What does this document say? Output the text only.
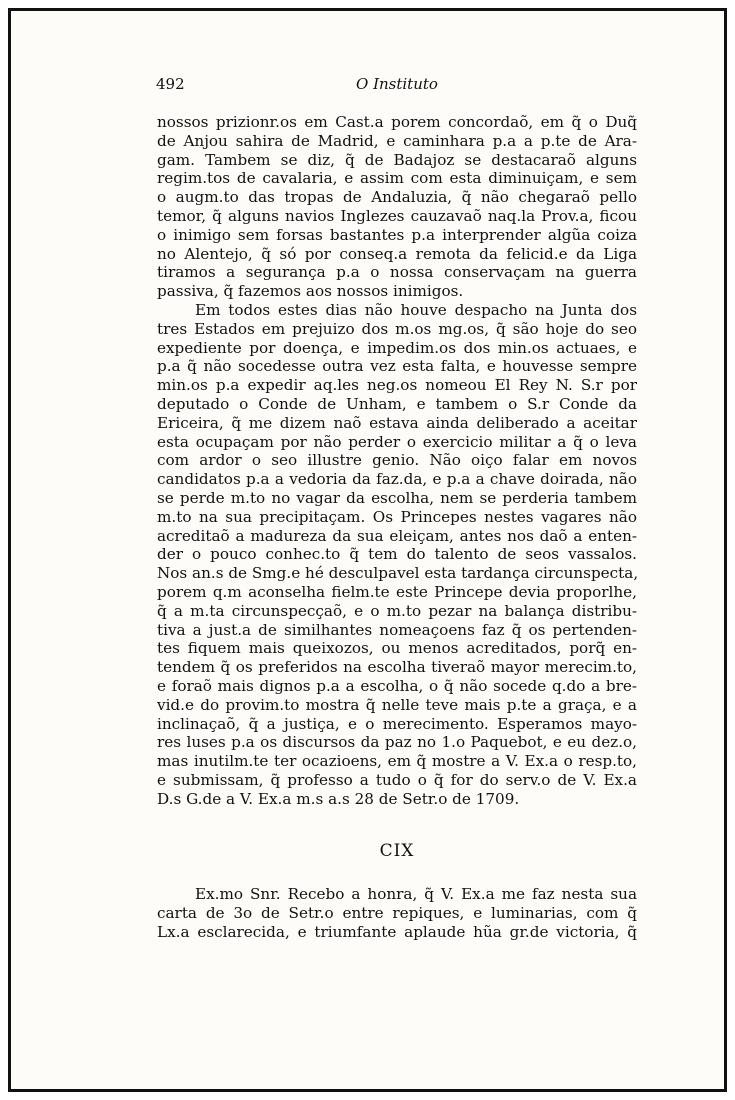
492	O Instituto
nossos prizionr.os em Cast.a porem concordaõ, em q̃ o Duq̃
de Anjou sahira de Madrid, e caminhara p.a a p.te de Ara-
gam. Tambem se diz, q̃ de Badajoz se destacaraõ alguns
regim.tos de cavalaria, e assim com esta diminuiçam, e sem
o augm.to das tropas de Andaluzia, q̃ não chegaraõ pello
temor, q̃ alguns navios Inglezes cauzavaõ naq.la Prov.a, ficou
o inimigo sem forsas bastantes p.a interprender algũa coiza
no Alentejo, q̃ só por conseq.a remota da felicid.e da Liga
tiramos a segurança p.a o nossa conservaçam na guerra
passiva, q̃ fazemos aos nossos inimigos.
Em todos estes dias não houve despacho na Junta dos
tres Estados em prejuizo dos m.os mg.os, q̃ são hoje do seo
expediente por doença, e impedim.os dos min.os actuaes, e
p.a q̃ não socedesse outra vez esta falta, e houvesse sempre
min.os p.a expedir aq.les neg.os nomeou El Rey N. S.r por
deputado o Conde de Unham, e tambem o S.r Conde da
Ericeira, q̃ me dizem naõ estava ainda deliberado a aceitar
esta ocupaçam por não perder o exercicio militar a q̃ o leva
com ardor o seo illustre genio. Não oiço falar em novos
candidatos p.a a vedoria da faz.da, e p.a a chave doirada, não
se perde m.to no vagar da escolha, nem se perderia tambem
m.to na sua precipitaçam. Os Princepes nestes vagares não
acreditaõ a madureza da sua eleiçam, antes nos daõ a enten-
der o pouco conhec.to q̃ tem do talento de seos vassalos.
Nos an.s de Smg.e hé desculpavel esta tardança circunspecta,
porem q.m aconselha fielm.te este Princepe devia proporlhe,
q̃ a m.ta circunspecçaõ, e o m.to pezar na balança distribu-
tiva a just.a de similhantes nomeaçoens faz q̃ os pertenden-
tes fiquem mais queixozos, ou menos acreditados, porq̃ en-
tendem q̃ os preferidos na escolha tiveraõ mayor merecim.to,
e foraõ mais dignos p.a a escolha, o q̃ não socede q.do a bre-
vid.e do provim.to mostra q̃ nelle teve mais p.te a graça, e a
inclinaçaõ, q̃ a justiça, e o merecimento. Esperamos mayo-
res luses p.a os discursos da paz no 1.o Paquebot, e eu dez.o,
mas inutilm.te ter ocazioens, em q̃ mostre a V. Ex.a o resp.to,
e submissam, q̃ professo a tudo o q̃ for do serv.o de V. Ex.a
D.s G.de a V. Ex.a m.s a.s 28 de Setr.o de 1709.
CIX
Ex.mo Snr. Recebo a honra, q̃ V. Ex.a me faz nesta sua
carta de 3o de Setr.o entre repiques, e luminarias, com q̃
Lx.a esclarecida, e triumfante aplaude hũa gr.de victoria, q̃
